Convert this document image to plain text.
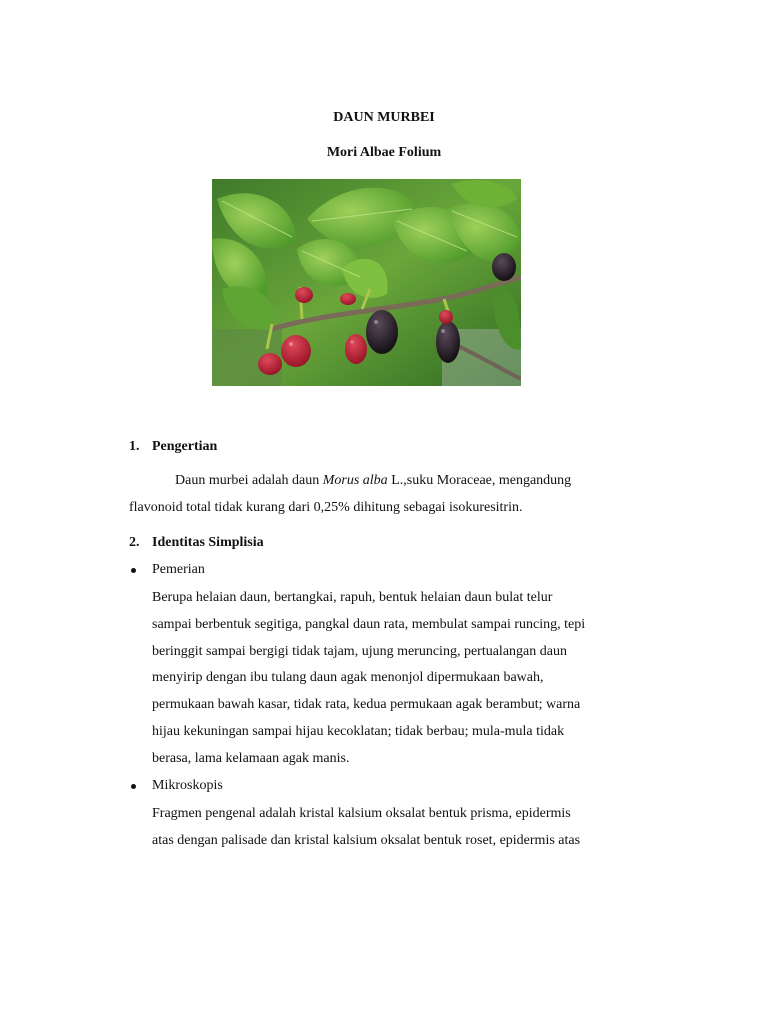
DAUN MURBEI
Mori Albae Folium
1. Pengertian
Daun murbei adalah daun Morus alba L.,suku Moraceae, mengandung
flavonoid total tidak kurang dari 0,25% dihitung sebagai isokuresitrin.
2. Identitas Simplisia
Pemerian
Berupa helaian daun, bertangkai, rapuh, bentuk helaian daun bulat telur
sampai berbentuk segitiga, pangkal daun rata, membulat sampai runcing, tepi
beringgit sampai bergigi tidak tajam, ujung meruncing, pertualangan daun
menyirip dengan ibu tulang daun agak menonjol dipermukaan bawah,
permukaan bawah kasar, tidak rata, kedua permukaan agak berambut; warna
hijau kekuningan sampai hijau kecoklatan; tidak berbau; mula-mula tidak
berasa, lama kelamaan agak manis.
Mikroskopis
Fragmen pengenal adalah kristal kalsium oksalat bentuk prisma, epidermis
atas dengan palisade dan kristal kalsium oksalat bentuk roset, epidermis atas
